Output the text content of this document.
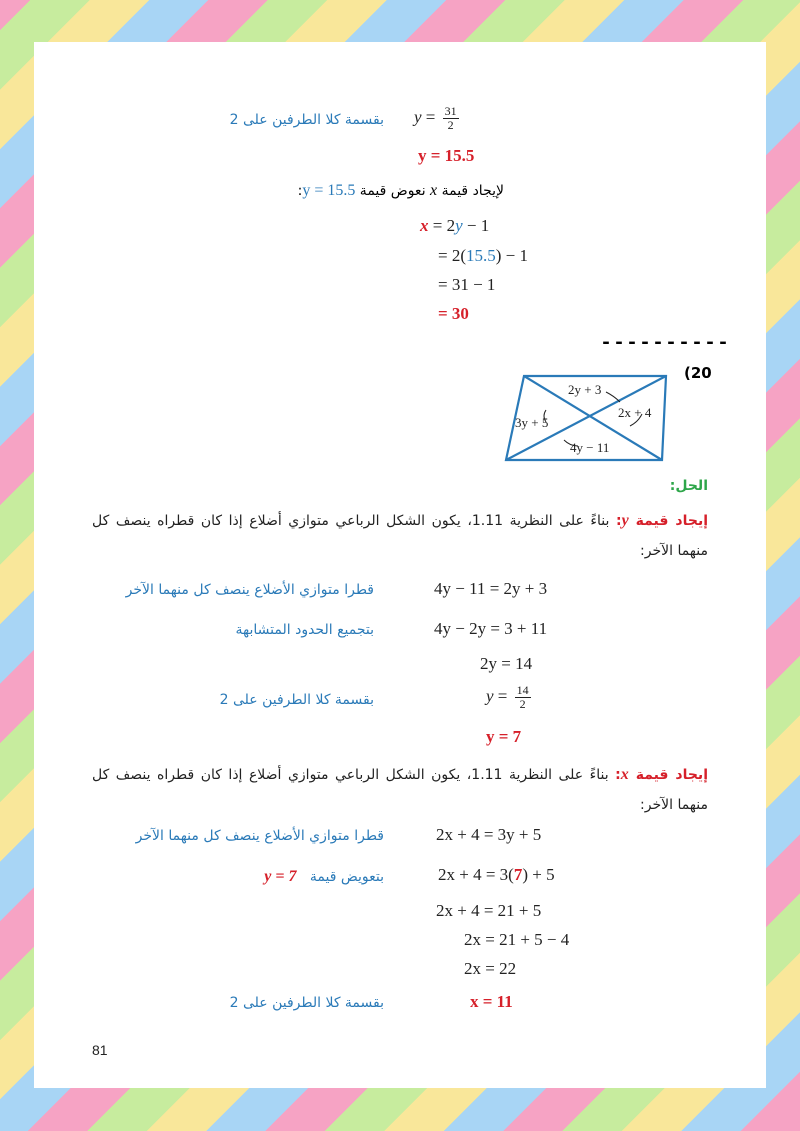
بقسمة كلا الطرفين على 2 $y = \frac{31}{2}$
y = 15.5
لإيجاد قيمة x نعوض قيمة y = 15.5:
x = 2y − 1
= 2(15.5) − 1
= 31 − 1
= 30
----------
(20
2y + 3
2x + 4
3y + 5
4y − 11
الحل:
إيجاد قيمة y: بناءً على النظرية 1.11، يكون الشكل الرباعي متوازي أضلاع إذا كان قطراه ينصف كل منهما الآخر:
قطرا متوازي الأضلاع ينصف كل منهما الآخر	4y − 11 = 2y + 3
بتجميع الحدود المتشابهة	4y − 2y = 3 + 11
2y = 14
بقسمة كلا الطرفين على 2	$y = \frac{14}{2}$
y = 7
إيجاد قيمة x: بناءً على النظرية 1.11، يكون الشكل الرباعي متوازي أضلاع إذا كان قطراه ينصف كل منهما الآخر:
قطرا متوازي الأضلاع ينصف كل منهما الآخر	2x + 4 = 3y + 5
بتعويض قيمة   y = 7	2x + 4 = 3(7) + 5
2x + 4 = 21 + 5
2x = 21 + 5 − 4
2x = 22
بقسمة كلا الطرفين على 2	x = 11
81
